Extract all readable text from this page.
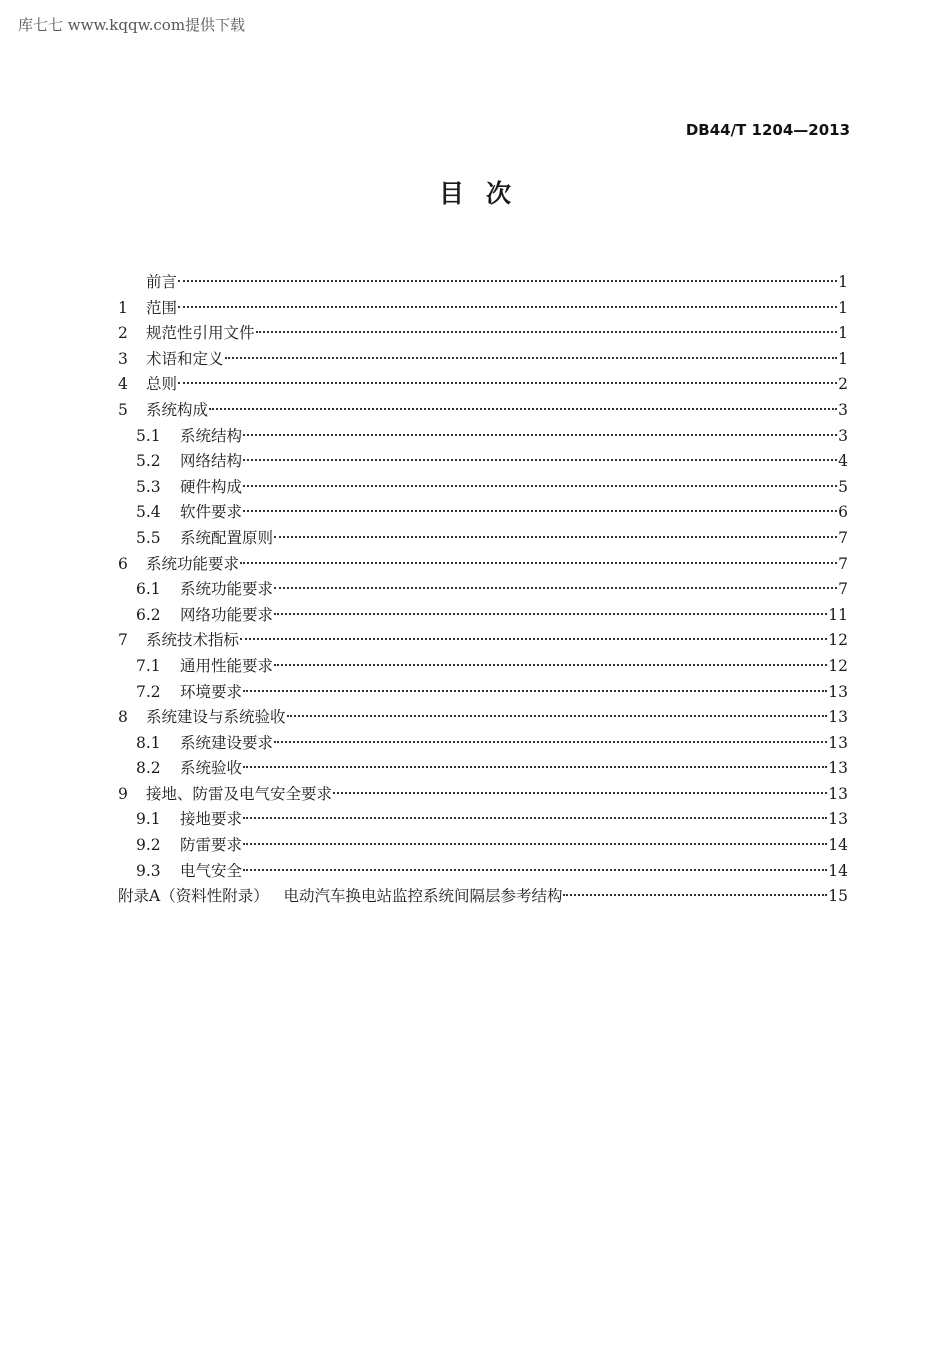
库七七 www.kqqw.com提供下载
DB44/T 1204—2013
目次
前言	1
1	范围	1
2	规范性引用文件	1
3	术语和定义	1
4	总则	2
5	系统构成	3
5.1	系统结构	3
5.2	网络结构	4
5.3	硬件构成	5
5.4	软件要求	6
5.5	系统配置原则	7
6	系统功能要求	7
6.1	系统功能要求	7
6.2	网络功能要求	11
7	系统技术指标	12
7.1	通用性能要求	12
7.2	环境要求	13
8	系统建设与系统验收	13
8.1	系统建设要求	13
8.2	系统验收	13
9	接地、防雷及电气安全要求	13
9.1	接地要求	13
9.2	防雷要求	14
9.3	电气安全	14
附录A（资料性附录）   电动汽车换电站监控系统间隔层参考结构	15
